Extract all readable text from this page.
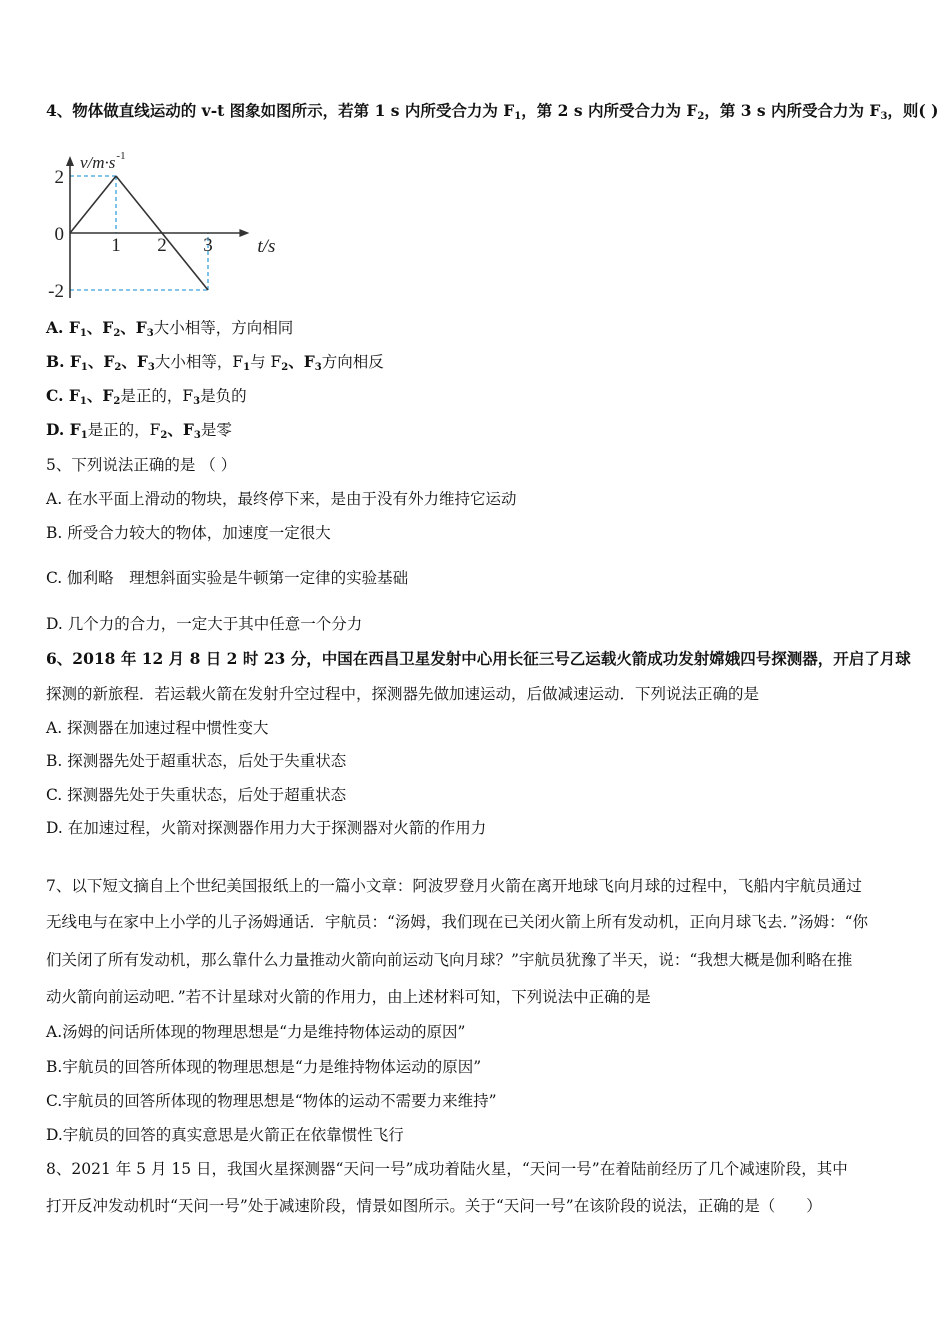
4、物体做直线运动的 v-t 图象如图所示，若第 1 s 内所受合力为 $F_1$，第 2 s 内所受合力为 $F_2$，第 3 s 内所受合力为 $F_3$，则( )
1 2 3
2
0
-2
t/s
v/m·s -1
A. $F_1$、$F_2$、$F_3$大小相等，方向相同
B. $F_1$、$F_2$、$F_3$大小相等，$F_1$与 $F_2$、$F_3$方向相反
C. $F_1$、$F_2$是正的，$F_3$是负的
D. $F_1$是正的，$F_2$、$F_3$是零
5、下列说法正确的是 （ ）
A. 在水平面上滑动的物块，最终停下来，是由于没有外力维持它运动
B. 所受合力较大的物体，加速度一定很大
C. 伽利略　理想斜面实验是牛顿第一定律的实验基础
D. 几个力的合力，一定大于其中任意一个分力
6、2018 年 12 月 8 日 2 时 23 分，中国在西昌卫星发射中心用长征三号乙运载火箭成功发射嫦娥四号探测器，开启了月球
探测的新旅程．若运载火箭在发射升空过程中，探测器先做加速运动，后做减速运动．下列说法正确的是
A. 探测器在加速过程中惯性变大
B. 探测器先处于超重状态，后处于失重状态
C. 探测器先处于失重状态，后处于超重状态
D. 在加速过程，火箭对探测器作用力大于探测器对火箭的作用力
7、以下短文摘自上个世纪美国报纸上的一篇小文章：阿波罗登月火箭在离开地球飞向月球的过程中，飞船内宇航员通过
无线电与在家中上小学的儿子汤姆通话．宇航员：“汤姆，我们现在已关闭火箭上所有发动机，正向月球飞去．”汤姆：“你
们关闭了所有发动机，那么靠什么力量推动火箭向前运动飞向月球？”宇航员犹豫了半天，说：“我想大概是伽利略在推
动火箭向前运动吧．”若不计星球对火箭的作用力，由上述材料可知，下列说法中正确的是
A.汤姆的问话所体现的物理思想是“力是维持物体运动的原因”
B.宇航员的回答所体现的物理思想是“力是维持物体运动的原因”
C.宇航员的回答所体现的物理思想是“物体的运动不需要力来维持”
D.宇航员的回答的真实意思是火箭正在依靠惯性飞行
8、2021 年 5 月 15 日，我国火星探测器“天问一号”成功着陆火星，“天问一号”在着陆前经历了几个减速阶段，其中
打开反冲发动机时“天问一号”处于减速阶段，情景如图所示。关于“天问一号”在该阶段的说法，正确的是（　　）
